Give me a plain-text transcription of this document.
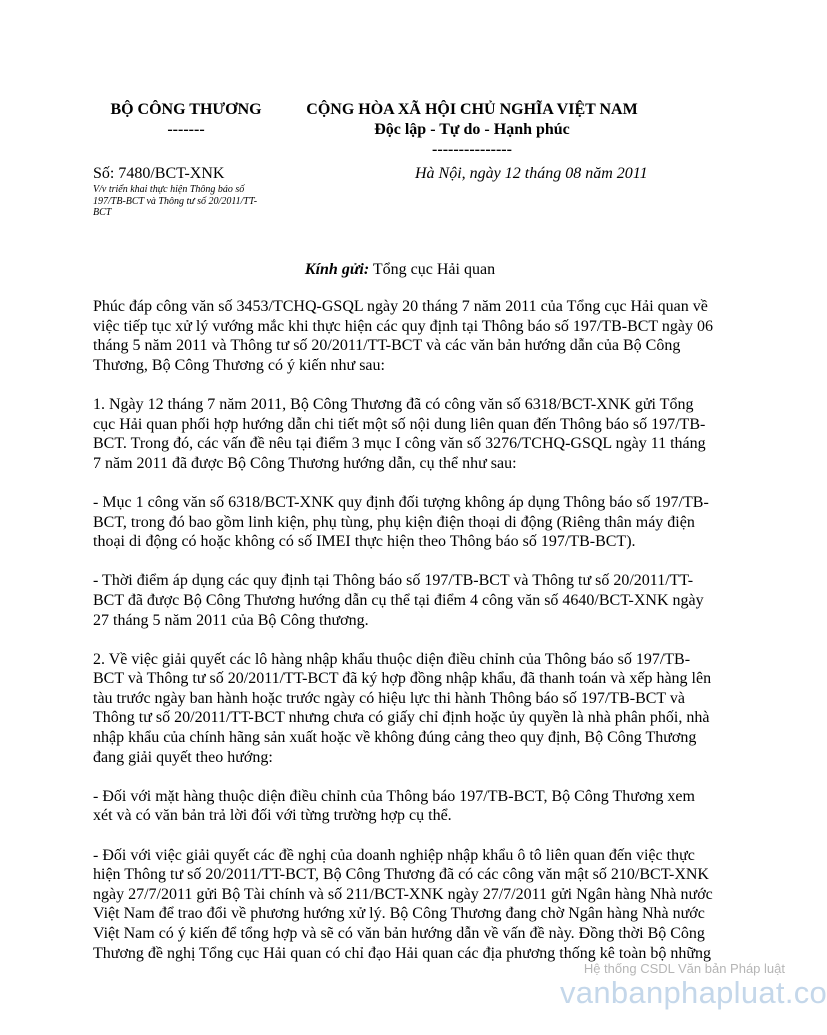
BỘ CÔNG THƯƠNG
-------
CỘNG HÒA XÃ HỘI CHỦ NGHĨA VIỆT NAM
Độc lập - Tự do - Hạnh phúc
---------------
Số: 7480/BCT-XNK
V/v triển khai thực hiện Thông báo số
197/TB-BCT và Thông tư số 20/2011/TT-
BCT
Hà Nội, ngày 12 tháng 08 năm 2011
Kính gửi: Tổng cục Hải quan

Phúc đáp công văn số 3453/TCHQ-GSQL ngày 20 tháng 7 năm 2011 của Tổng cục Hải quan về
việc tiếp tục xử lý vướng mắc khi thực hiện các quy định tại Thông báo số 197/TB-BCT ngày 06
tháng 5 năm 2011 và Thông tư số 20/2011/TT-BCT và các văn bản hướng dẫn của Bộ Công
Thương, Bộ Công Thương có ý kiến như sau:

1. Ngày 12 tháng 7 năm 2011, Bộ Công Thương đã có công văn số 6318/BCT-XNK gửi Tổng
cục Hải quan phối hợp hướng dẫn chi tiết một số nội dung liên quan đến Thông báo số 197/TB-
BCT. Trong đó, các vấn đề nêu tại điểm 3 mục I công văn số 3276/TCHQ-GSQL ngày 11 tháng
7 năm 2011 đã được Bộ Công Thương hướng dẫn, cụ thể như sau:

- Mục 1 công văn số 6318/BCT-XNK quy định đối tượng không áp dụng Thông báo số 197/TB-
BCT, trong đó bao gồm linh kiện, phụ tùng, phụ kiện điện thoại di động (Riêng thân máy điện
thoại di động có hoặc không có số IMEI thực hiện theo Thông báo số 197/TB-BCT).

- Thời điểm áp dụng các quy định tại Thông báo số 197/TB-BCT và Thông tư số 20/2011/TT-
BCT đã được Bộ Công Thương hướng dẫn cụ thể tại điểm 4 công văn số 4640/BCT-XNK ngày
27 tháng 5 năm 2011 của Bộ Công thương.

2. Về việc giải quyết các lô hàng nhập khẩu thuộc diện điều chỉnh của Thông báo số 197/TB-
BCT và Thông tư số 20/2011/TT-BCT đã ký hợp đồng nhập khẩu, đã thanh toán và xếp hàng lên
tàu trước ngày ban hành hoặc trước ngày có hiệu lực thi hành Thông báo số 197/TB-BCT và
Thông tư số 20/2011/TT-BCT nhưng chưa có giấy chỉ định hoặc ủy quyền là nhà phân phối, nhà
nhập khẩu của chính hãng sản xuất hoặc về không đúng cảng theo quy định, Bộ Công Thương
đang giải quyết theo hướng:

- Đối với mặt hàng thuộc diện điều chỉnh của Thông báo 197/TB-BCT, Bộ Công Thương xem
xét và có văn bản trả lời đối với từng trường hợp cụ thể.

- Đối với việc giải quyết các đề nghị của doanh nghiệp nhập khẩu ô tô liên quan đến việc thực
hiện Thông tư số 20/2011/TT-BCT, Bộ Công Thương đã có các công văn mật số 210/BCT-XNK
ngày 27/7/2011 gửi Bộ Tài chính và số 211/BCT-XNK ngày 27/7/2011 gửi Ngân hàng Nhà nước
Việt Nam để trao đổi về phương hướng xử lý. Bộ Công Thương đang chờ Ngân hàng Nhà nước
Việt Nam có ý kiến để tổng hợp và sẽ có văn bản hướng dẫn về vấn đề này. Đồng thời Bộ Công
Thương đề nghị Tổng cục Hải quan có chỉ đạo Hải quan các địa phương thống kê toàn bộ những

Hệ thống CSDL Văn bản Pháp luật
vanbanphapluat.co
